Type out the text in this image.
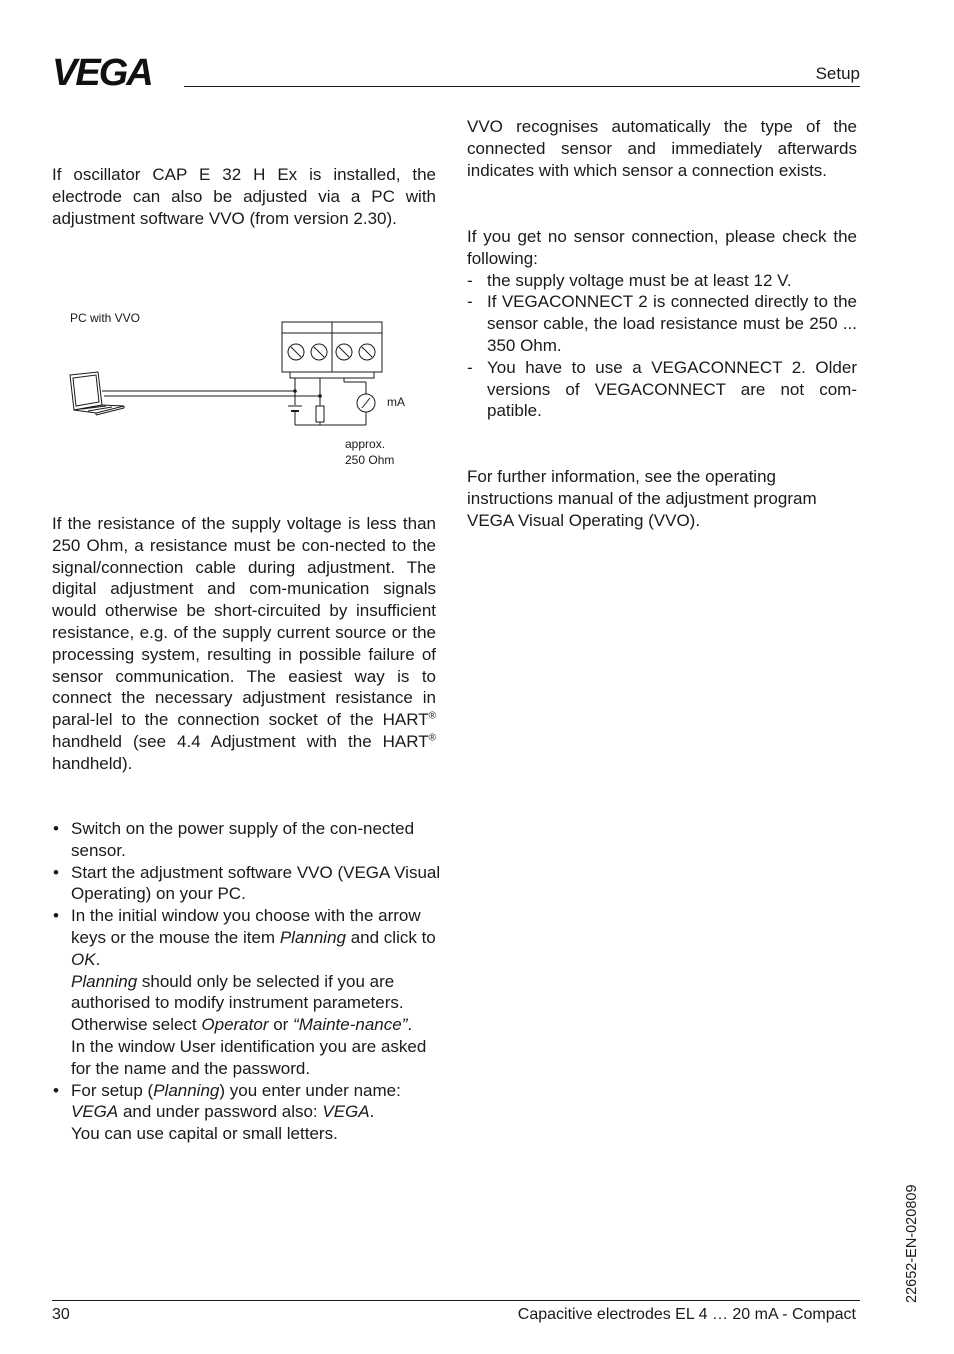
VEGA	Setup

If oscillator CAP E 32 H Ex is installed, the electrode can also be adjusted via a PC with adjustment software VVO (from version 2.30).

PC with VVO
mA
approx.
250 Ohm

If the resistance of the supply voltage is less than 250 Ohm, a resistance must be con-nected to the signal/connection cable during adjustment. The digital adjustment and com-munication signals would otherwise be short-circuited by insufficient resistance, e.g. of the supply current source or the processing system, resulting in possible failure of sensor communication. The easiest way is to connect the necessary adjustment resistance in paral-lel to the connection socket of the HART® handheld (see 4.4 Adjustment with the HART® handheld).

• Switch on the power supply of the con-nected sensor.
• Start the adjustment software VVO (VEGA Visual Operating) on your PC.
• In the initial window you choose with the arrow keys or the mouse the item Planning and click to OK.
Planning should only be selected if you are authorised to modify instrument parameters. Otherwise select Operator or “Mainte-nance”.
In the window User identification you are asked for the name and the password.
• For setup (Planning) you enter under name: VEGA and under password also: VEGA.
You can use capital or small letters.

VVO recognises automatically the type of the connected sensor and immediately afterwards indicates with which sensor a connection exists.

If you get no sensor connection, please check the following:

- the supply voltage must be at least 12 V.
- If VEGACONNECT 2 is connected directly to the sensor cable, the load resistance must be 250 ... 350 Ohm.
- You have to use a VEGACONNECT 2. Older versions of VEGACONNECT are not com-patible.

For further information, see the operating instructions manual of the adjustment program VEGA Visual Operating (VVO).

22652-EN-020809
30	Capacitive electrodes EL 4 … 20 mA - Compact
